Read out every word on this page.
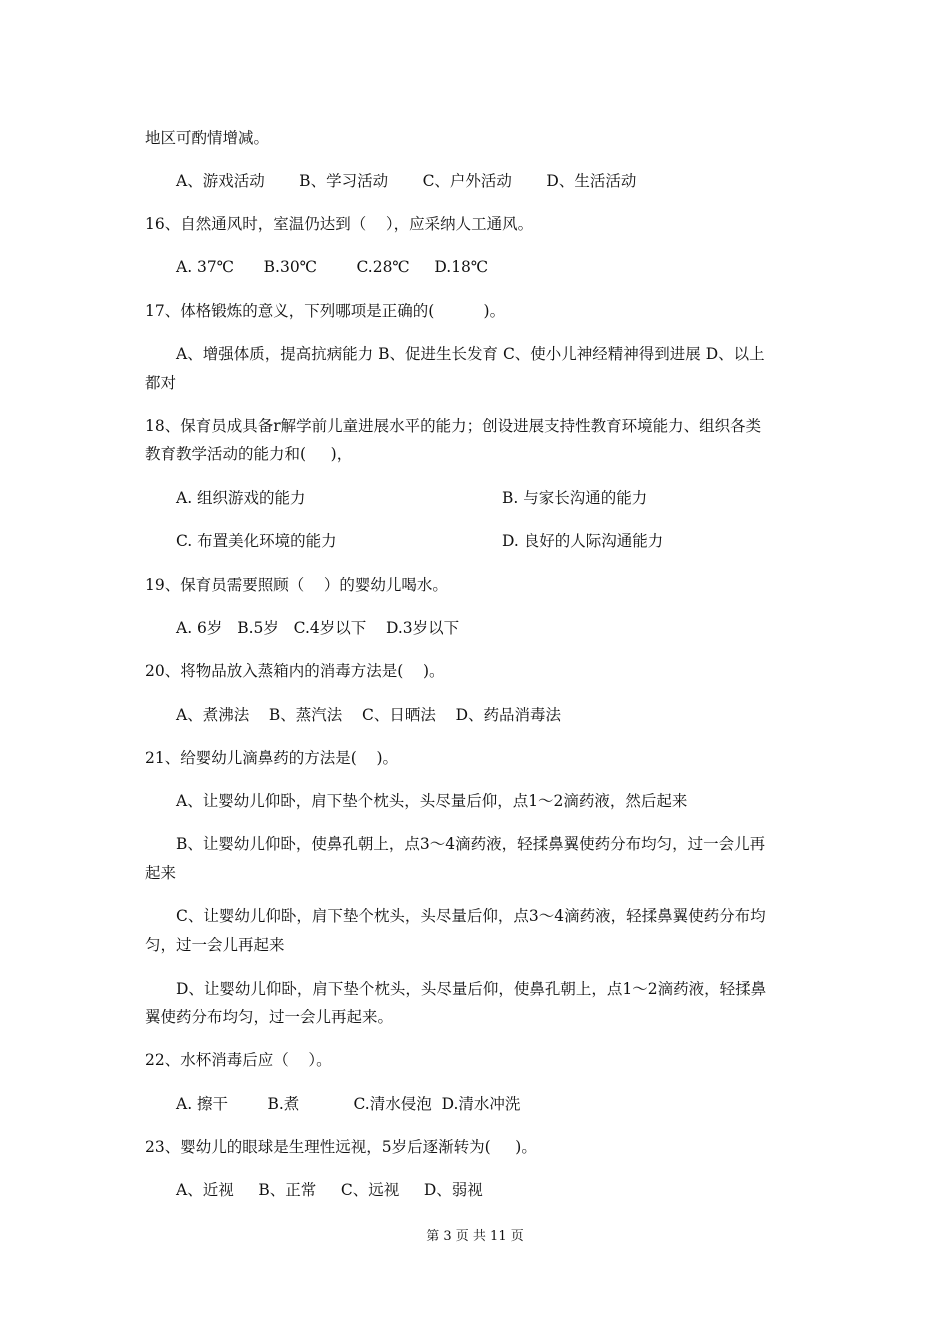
地区可酌情增减。
A、游戏活动       B、学习活动       C、户外活动       D、生活活动
16、自然通风时，室温仍达到（    ），应采纳人工通风。
A. 37℃      B.30℃        C.28℃     D.18℃
17、体格锻炼的意义，下列哪项是正确的(          )。
A、增强体质，提高抗病能力 B、促进生长发育 C、使小儿神经精神得到进展 D、以上
都对
18、保育员成具备r解学前儿童进展水平的能力；创设进展支持性教育环境能力、组织各类
教育教学活动的能力和(     )，
A. 组织游戏的能力	B. 与家长沟通的能力
C. 布置美化环境的能力	D. 良好的人际沟通能力
19、保育员需要照顾（    ）的婴幼儿喝水。
A. 6岁   B.5岁   C.4岁以下    D.3岁以下
20、将物品放入蒸箱内的消毒方法是(    )。
A、煮沸法    B、蒸汽法    C、日晒法    D、药品消毒法
21、给婴幼儿滴鼻药的方法是(    )。
A、让婴幼儿仰卧，肩下垫个枕头，头尽量后仰，点1～2滴药液，然后起来
B、让婴幼儿仰卧，使鼻孔朝上，点3～4滴药液，轻揉鼻翼使药分布均匀，过一会儿再
起来
C、让婴幼儿仰卧，肩下垫个枕头，头尽量后仰，点3～4滴药液，轻揉鼻翼使药分布均
匀，过一会儿再起来
D、让婴幼儿仰卧，肩下垫个枕头，头尽量后仰，使鼻孔朝上，点1～2滴药液，轻揉鼻
翼使药分布均匀，过一会儿再起来。
22、水杯消毒后应（    ）。
A. 擦干        B.煮           C.清水侵泡  D.清水冲洗
23、婴幼儿的眼球是生理性远视，5岁后逐渐转为(     )。
A、近视     B、正常     C、远视     D、弱视
第 3 页 共 11 页
